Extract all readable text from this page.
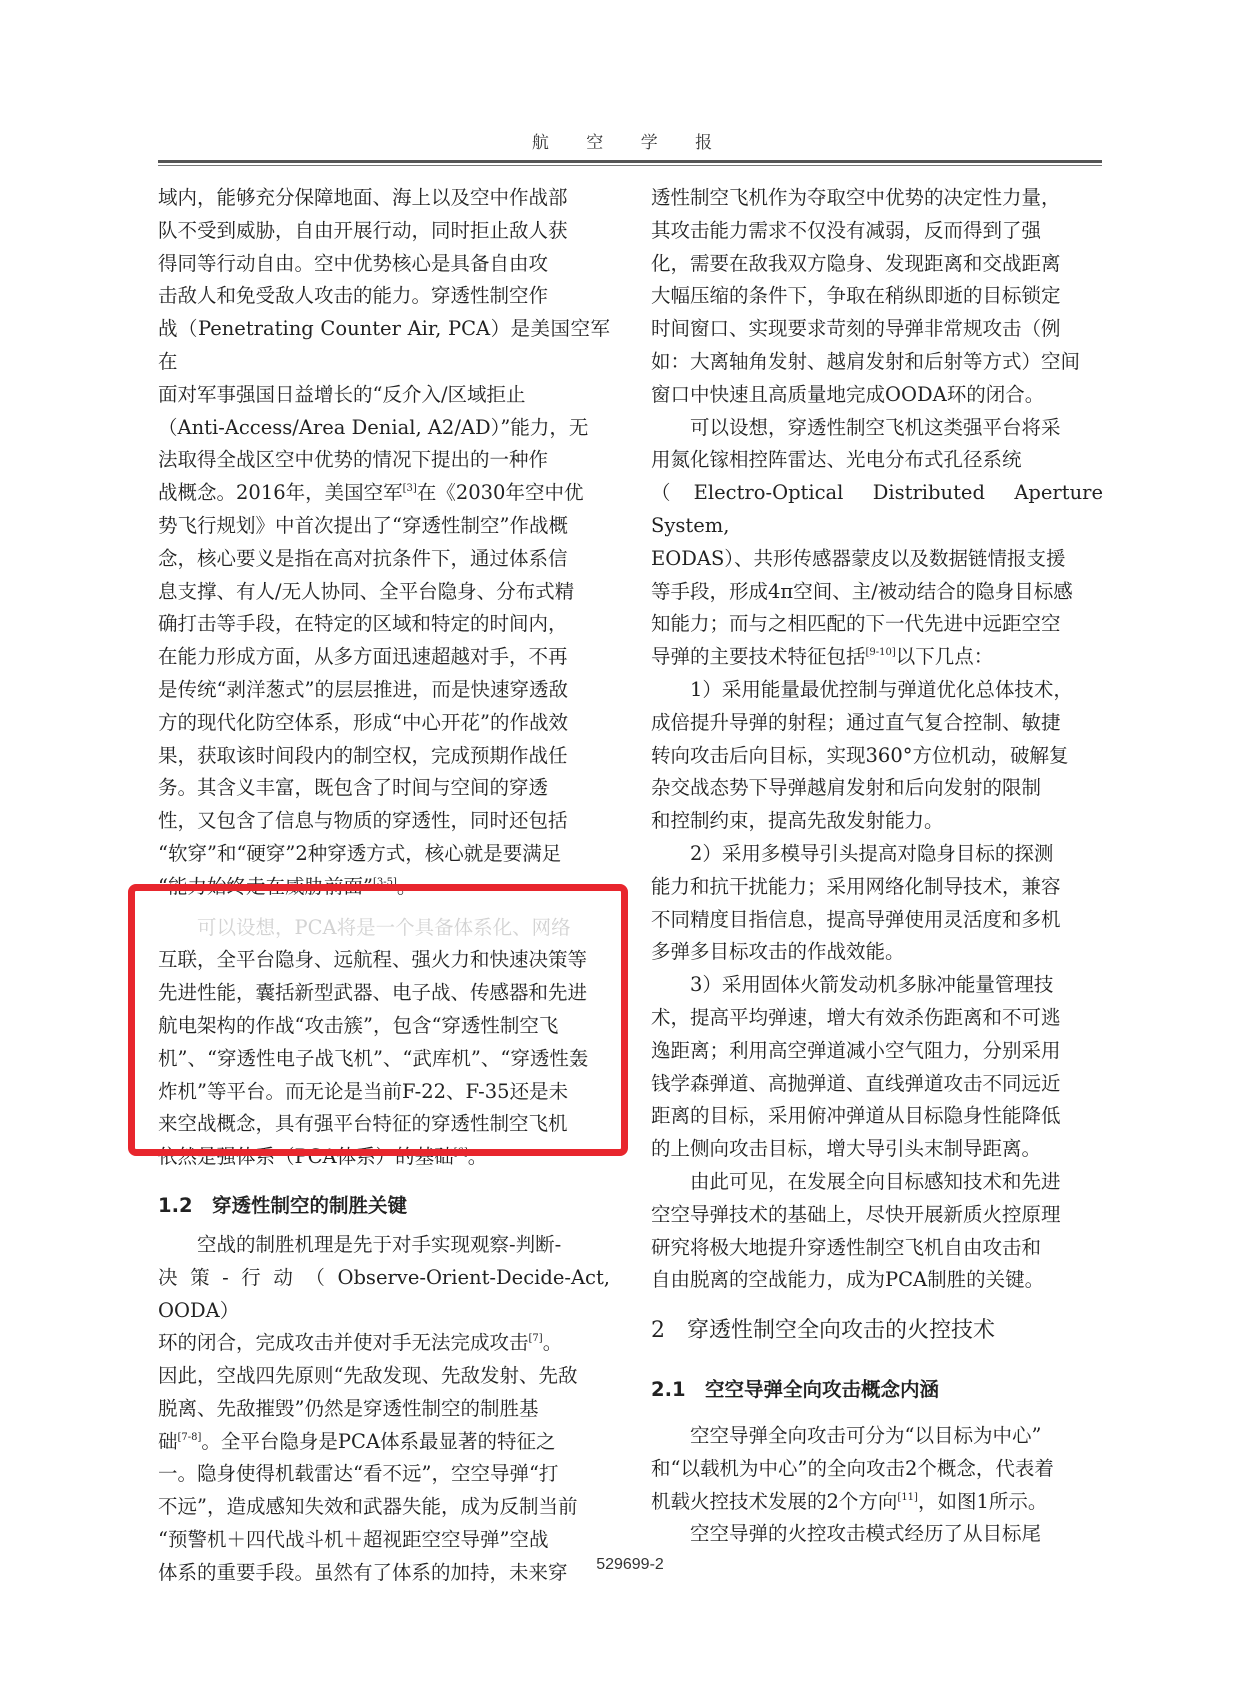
航 空 学 报

域内，能够充分保障地面、海上以及空中作战部
队不受到威胁，自由开展行动，同时拒止敌人获
得同等行动自由。空中优势核心是具备自由攻
击敌人和免受敌人攻击的能力。穿透性制空作
战（Penetrating Counter Air, PCA）是美国空军在
面对军事强国日益增长的“反介入/区域拒止
（Anti-Access/Area Denial, A2/AD）”能力，无
法取得全战区空中优势的情况下提出的一种作
战概念。2016年，美国空军[3]在《2030年空中优
势飞行规划》中首次提出了“穿透性制空”作战概
念，核心要义是指在高对抗条件下，通过体系信
息支撑、有人/无人协同、全平台隐身、分布式精
确打击等手段，在特定的区域和特定的时间内，
在能力形成方面，从多方面迅速超越对手，不再
是传统“剥洋葱式”的层层推进，而是快速穿透敌
方的现代化防空体系，形成“中心开花”的作战效
果，获取该时间段内的制空权，完成预期作战任
务。其含义丰富，既包含了时间与空间的穿透
性，又包含了信息与物质的穿透性，同时还包括
“软穿”和“硬穿”2种穿透方式，核心就是要满足
“能力始终走在威胁前面”[3-5]。

可以设想，PCA将是一个具备体系化、网络

互联，全平台隐身、远航程、强火力和快速决策等
先进性能，囊括新型武器、电子战、传感器和先进
航电架构的作战“攻击簇”，包含“穿透性制空飞
机”、“穿透性电子战飞机”、“武库机”、“穿透性轰
炸机”等平台。而无论是当前F-22、F-35还是未
来空战概念，具有强平台特征的穿透性制空飞机
依然是强体系（PCA体系）的基础[6]。

1.2　穿透性制空的制胜关键

空战的制胜机理是先于对手实现观察-判断-
决策-行动（Observe-Orient-Decide-Act, OODA）
环的闭合，完成攻击并使对手无法完成攻击[7]。
因此，空战四先原则“先敌发现、先敌发射、先敌
脱离、先敌摧毁”仍然是穿透性制空的制胜基
础[7-8]。全平台隐身是PCA体系最显著的特征之
一。隐身使得机载雷达“看不远”，空空导弹“打
不远”，造成感知失效和武器失能，成为反制当前
“预警机＋四代战斗机＋超视距空空导弹”空战
体系的重要手段。虽然有了体系的加持，未来穿

透性制空飞机作为夺取空中优势的决定性力量，
其攻击能力需求不仅没有减弱，反而得到了强
化，需要在敌我双方隐身、发现距离和交战距离
大幅压缩的条件下，争取在稍纵即逝的目标锁定
时间窗口、实现要求苛刻的导弹非常规攻击（例
如：大离轴角发射、越肩发射和后射等方式）空间
窗口中快速且高质量地完成OODA环的闭合。

可以设想，穿透性制空飞机这类强平台将采
用氮化镓相控阵雷达、光电分布式孔径系统
（Electro-Optical Distributed Aperture System,
EODAS）、共形传感器蒙皮以及数据链情报支援
等手段，形成4π空间、主/被动结合的隐身目标感
知能力；而与之相匹配的下一代先进中远距空空
导弹的主要技术特征包括[9-10]以下几点：

1）采用能量最优控制与弹道优化总体技术，
成倍提升导弹的射程；通过直气复合控制、敏捷
转向攻击后向目标，实现360°方位机动，破解复
杂交战态势下导弹越肩发射和后向发射的限制
和控制约束，提高先敌发射能力。

2）采用多模导引头提高对隐身目标的探测
能力和抗干扰能力；采用网络化制导技术，兼容
不同精度目指信息，提高导弹使用灵活度和多机
多弹多目标攻击的作战效能。

3）采用固体火箭发动机多脉冲能量管理技
术，提高平均弹速，增大有效杀伤距离和不可逃
逸距离；利用高空弹道减小空气阻力，分别采用
钱学森弹道、高抛弹道、直线弹道攻击不同远近
距离的目标，采用俯冲弹道从目标隐身性能降低
的上侧向攻击目标，增大导引头末制导距离。

由此可见，在发展全向目标感知技术和先进
空空导弹技术的基础上，尽快开展新质火控原理
研究将极大地提升穿透性制空飞机自由攻击和
自由脱离的空战能力，成为PCA制胜的关键。

2　穿透性制空全向攻击的火控技术

2.1　空空导弹全向攻击概念内涵

空空导弹全向攻击可分为“以目标为中心”
和“以载机为中心”的全向攻击2个概念，代表着
机载火控技术发展的2个方向[11]，如图1所示。

空空导弹的火控攻击模式经历了从目标尾

529699-2
